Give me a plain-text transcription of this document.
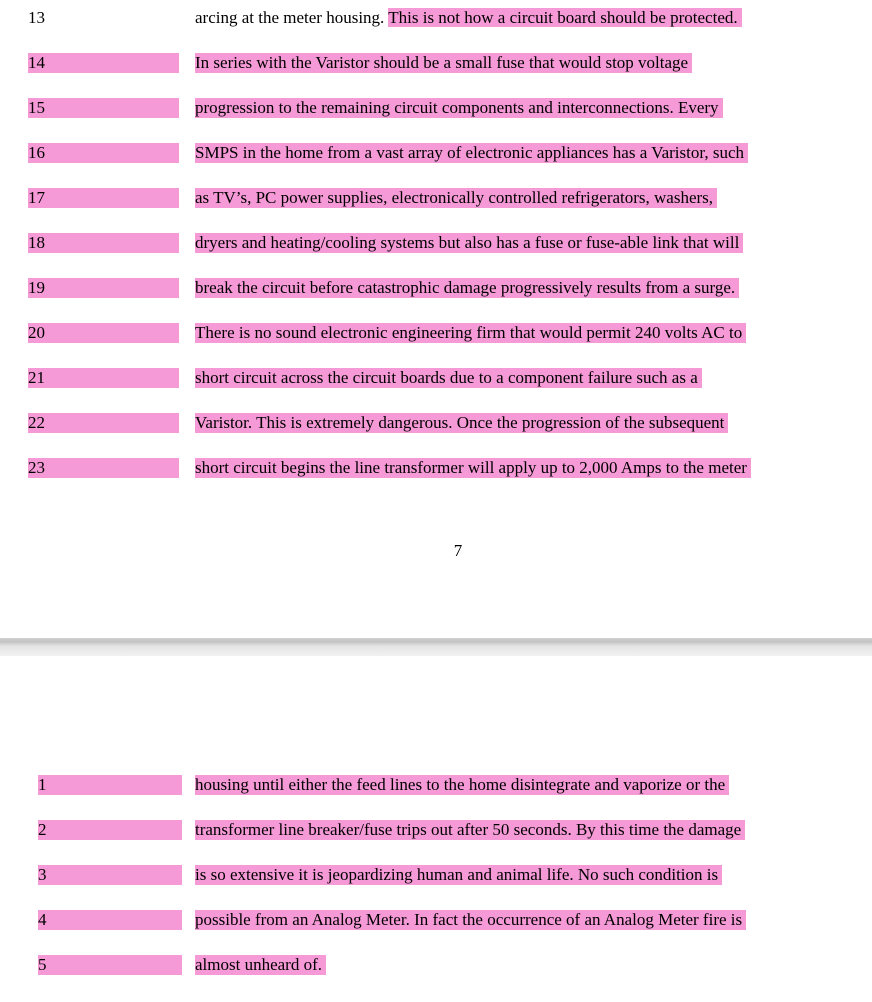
13	arcing at the meter housing. This is not how a circuit board should be protected.
14	In series with the Varistor should be a small fuse that would stop voltage
15	progression to the remaining circuit components and interconnections. Every
16	SMPS in the home from a vast array of electronic appliances has a Varistor, such
17	as TV’s, PC power supplies, electronically controlled refrigerators, washers,
18	dryers and heating/cooling systems but also has a fuse or fuse-able link that will
19	break the circuit before catastrophic damage progressively results from a surge.
20	There is no sound electronic engineering firm that would permit 240 volts AC to
21	short circuit across the circuit boards due to a component failure such as a
22	Varistor. This is extremely dangerous. Once the progression of the subsequent
23	short circuit begins the line transformer will apply up to 2,000 Amps to the meter
7
1	housing until either the feed lines to the home disintegrate and vaporize or the
2	transformer line breaker/fuse trips out after 50 seconds. By this time the damage
3	is so extensive it is jeopardizing human and animal life. No such condition is
4	possible from an Analog Meter. In fact the occurrence of an Analog Meter fire is
5	almost unheard of.
